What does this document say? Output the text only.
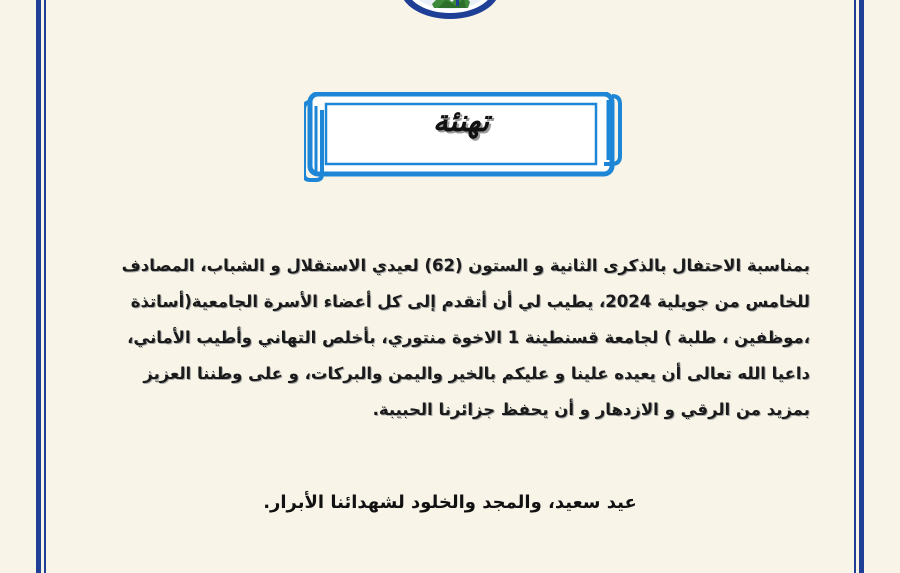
تهنئة
بمناسبة الاحتفال بالذكرى الثانية و الستون (62) لعيدي الاستقلال و الشباب، المصادف
للخامس من جويلية 2024، يطيب لي أن أتقدم إلى كل أعضاء الأسرة الجامعية(أساتذة
،موظفين ، طلبة ) لجامعة قسنطينة 1 الاخوة منتوري، بأخلص التهاني وأطيب الأماني،
داعيا الله تعالى أن يعيده علينا و عليكم بالخير واليمن والبركات، و على وطننا العزيز
بمزيد من الرقي و الازدهار و أن يحفظ جزائرنا الحبيبة.
عيد سعيد، والمجد والخلود لشهدائنا الأبرار.
